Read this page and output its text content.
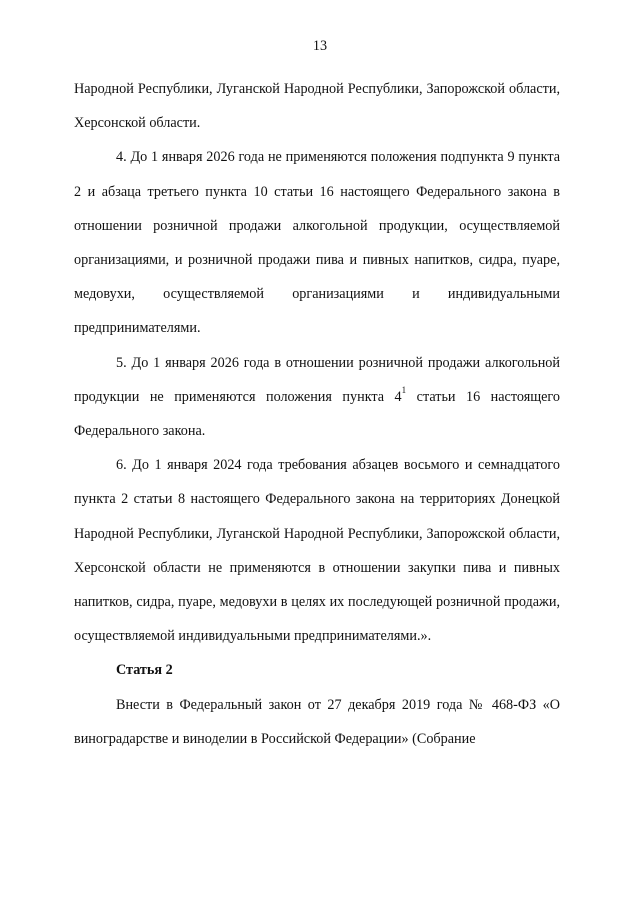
13

Народной Республики, Луганской Народной Республики, Запорожской области, Херсонской области.

4. До 1 января 2026 года не применяются положения подпункта 9 пункта 2 и абзаца третьего пункта 10 статьи 16 настоящего Федерального закона в отношении розничной продажи алкогольной продукции, осуществляемой организациями, и розничной продажи пива и пивных напитков, сидра, пуаре, медовухи, осуществляемой организациями и индивидуальными предпринимателями.

5. До 1 января 2026 года в отношении розничной продажи алкогольной продукции не применяются положения пункта $4^1$ статьи 16 настоящего Федерального закона.

6. До 1 января 2024 года требования абзацев восьмого и семнадцатого пункта 2 статьи 8 настоящего Федерального закона на территориях Донецкой Народной Республики, Луганской Народной Республики, Запорожской области, Херсонской области не применяются в отношении закупки пива и пивных напитков, сидра, пуаре, медовухи в целях их последующей розничной продажи, осуществляемой индивидуальными предпринимателями.».

Статья 2

Внести в Федеральный закон от 27 декабря 2019 года № 468-ФЗ «О виноградарстве и виноделии в Российской Федерации» (Собрание
